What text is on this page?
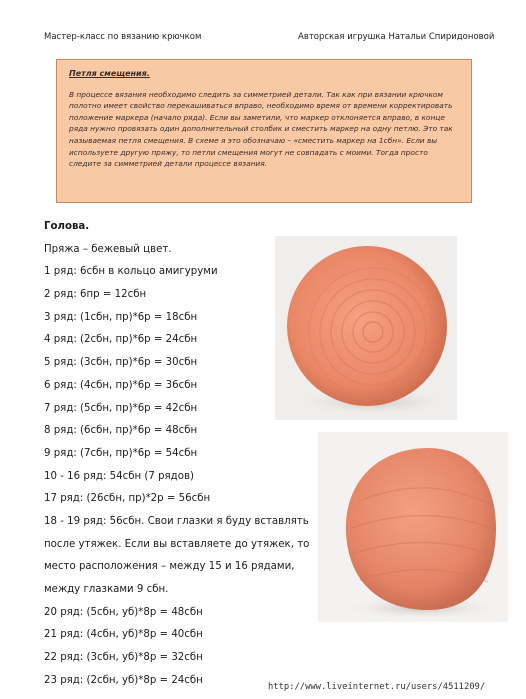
Мастер-класс по вязанию крючком	Авторская игрушка Натальи Спиридоновой
Петля смещения.
В процессе вязания необходимо следить за симметрией детали. Так как при вязании крючком полотно имеет свойство перекашиваться вправо, необходимо время от времени корректировать положение маркера (начало ряда). Если вы заметили, что маркер отклоняется вправо, в конце ряда нужно провязать один дополнительный столбик и сместить маркер на одну петлю. Это так называемая петля смещения. В схеме я это обозначаю – «сместить маркер на 1сбн». Если вы используете другую пряжу, то петли смещения могут не совпадать с моими. Тогда просто следите за симметрией детали процессе вязания.
Голова.
Пряжа – бежевый цвет.
1 ряд: 6сбн в кольцо амигуруми
2 ряд: 6пр = 12сбн
3 ряд: (1сбн, пр)*6р = 18сбн
4 ряд: (2сбн, пр)*6р = 24сбн
5 ряд: (3сбн, пр)*6р = 30сбн
6 ряд: (4сбн, пр)*6р = 36сбн
7 ряд: (5сбн, пр)*6р = 42сбн
8 ряд: (6сбн, пр)*6р = 48сбн
9 ряд: (7сбн, пр)*6р = 54сбн
10 - 16 ряд: 54сбн (7 рядов)
17 ряд: (26сбн, пр)*2р = 56сбн
18 - 19 ряд: 56сбн. Свои глазки я буду вставлять
после утяжек. Если вы вставляете до утяжек, то
место расположения – между 15 и 16 рядами,
между глазками 9 сбн.
20 ряд: (5сбн, уб)*8р = 48сбн
21 ряд: (4сбн, уб)*8р = 40сбн
22 ряд: (3сбн, уб)*8р = 32сбн
23 ряд: (2сбн, уб)*8р = 24сбн
http://www.liveinternet.ru/users/4511209/
